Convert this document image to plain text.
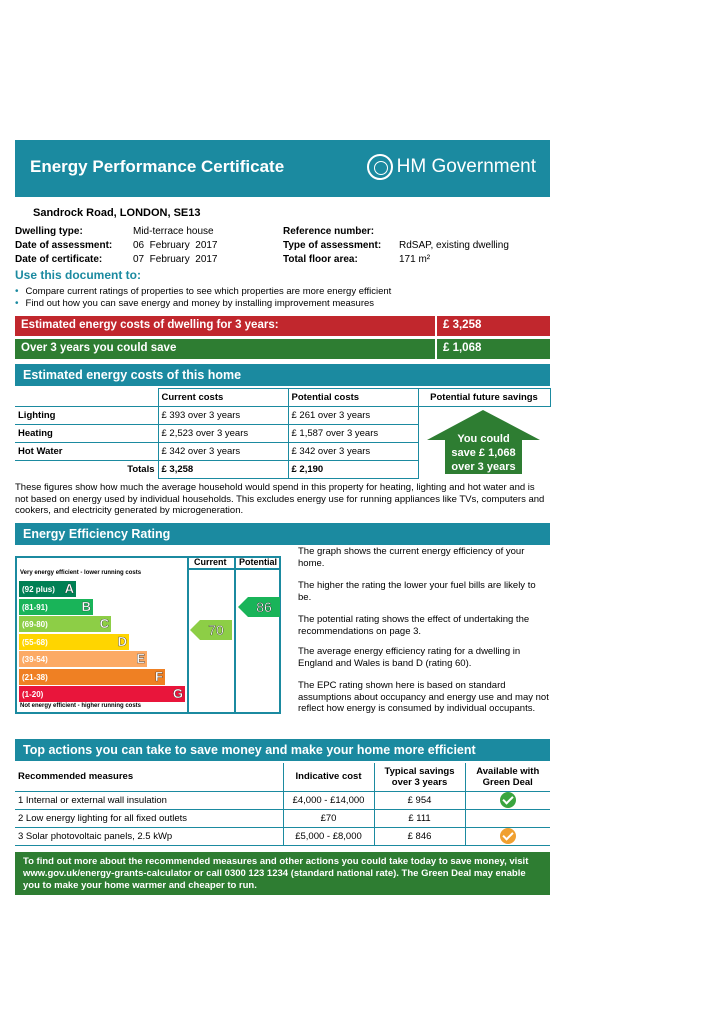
Energy Performance Certificate	HM Government
Sandrock Road, LONDON, SE13
Dwelling type:	Mid-terrace house
Date of assessment: 06  February  2017
Date of certificate:	07  February  2017
Reference number:
Type of assessment: RdSAP, existing dwelling
Total floor area:	171 m²
Use this document to:
• Compare current ratings of properties to see which properties are more energy efficient
• Find out how you can save energy and money by installing improvement measures
Estimated energy costs of dwelling for 3 years:	£ 3,258
Over 3 years you could save	£ 1,068
Estimated energy costs of this home
	Current costs	Potential costs	Potential future savings
Lighting	£ 393 over 3 years	£ 261 over 3 years	
Heating	£ 2,523 over 3 years	£ 1,587 over 3 years	
Hot Water	£ 342 over 3 years	£ 342 over 3 years	
Totals	£ 3,258	£ 2,190	
You could
save £ 1,068
over 3 years
These figures show how much the average household would spend in this property for heating, lighting and hot water and is not based on energy used by individual households. This excludes energy use for running appliances like TVs, computers and cookers, and electricity generated by microgeneration.
Energy Efficiency Rating
Current Potential
Very energy efficient - lower running costs
Not energy efficient - higher running costs
(92 plus) A
(81-91)	B
(69-80)	C
(55-68)	D
(39-54)	E
(21-38)	F
(1-20)	G
70
86
The graph shows the current energy efficiency of your home.
The higher the rating the lower your fuel bills are likely to be.
The potential rating shows the effect of undertaking the recommendations on page 3.
The average energy efficiency rating for a dwelling in England and Wales is band D (rating 60).
The EPC rating shown here is based on standard assumptions about occupancy and energy use and may not reflect how energy is consumed by individual occupants.
Top actions you can take to save money and make your home more efficient
Recommended measures	Indicative cost	Typical savings over 3 years	Available with Green Deal
1 Internal or external wall insulation	£4,000 - £14,000	£ 954	
2 Low energy lighting for all fixed outlets	£70	£ 111	
3 Solar photovoltaic panels, 2.5 kWp	£5,000 - £8,000	£ 846	
To find out more about the recommended measures and other actions you could take today to save money, visit www.gov.uk/energy-grants-calculator or call 0300 123 1234 (standard national rate). The Green Deal may enable you to make your home warmer and cheaper to run.
